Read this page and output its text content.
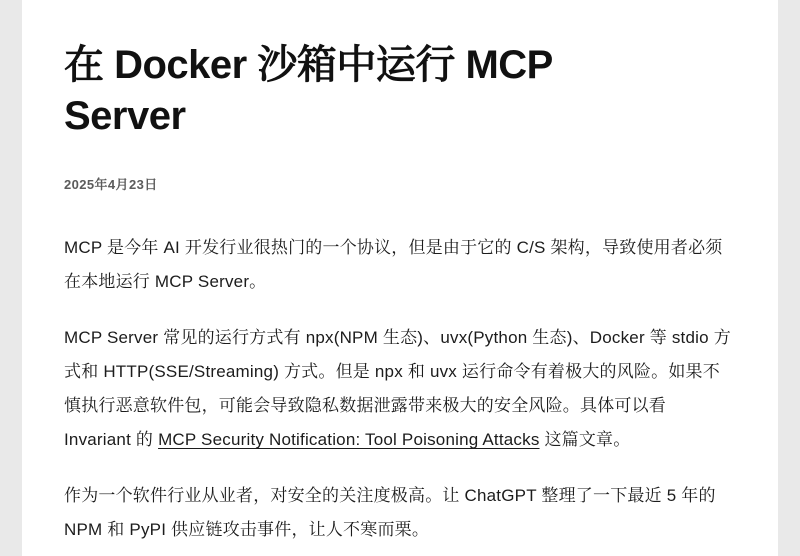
在 Docker 沙箱中运行 MCP Server
2025年4月23日

MCP 是今年 AI 开发行业很热门的一个协议，但是由于它的 C/S 架构，导致使用者必须在本地运行 MCP Server。

MCP Server 常见的运行方式有 npx(NPM 生态)、uvx(Python 生态)、Docker 等 stdio 方式和 HTTP(SSE/Streaming) 方式。但是 npx 和 uvx 运行命令有着极大的风险。如果不慎执行恶意软件包，可能会导致隐私数据泄露带来极大的安全风险。具体可以看 Invariant 的 MCP Security Notification: Tool Poisoning Attacks 这篇文章。

作为一个软件行业从业者，对安全的关注度极高。让 ChatGPT 整理了一下最近 5 年的 NPM 和 PyPI 供应链攻击事件，让人不寒而栗。
